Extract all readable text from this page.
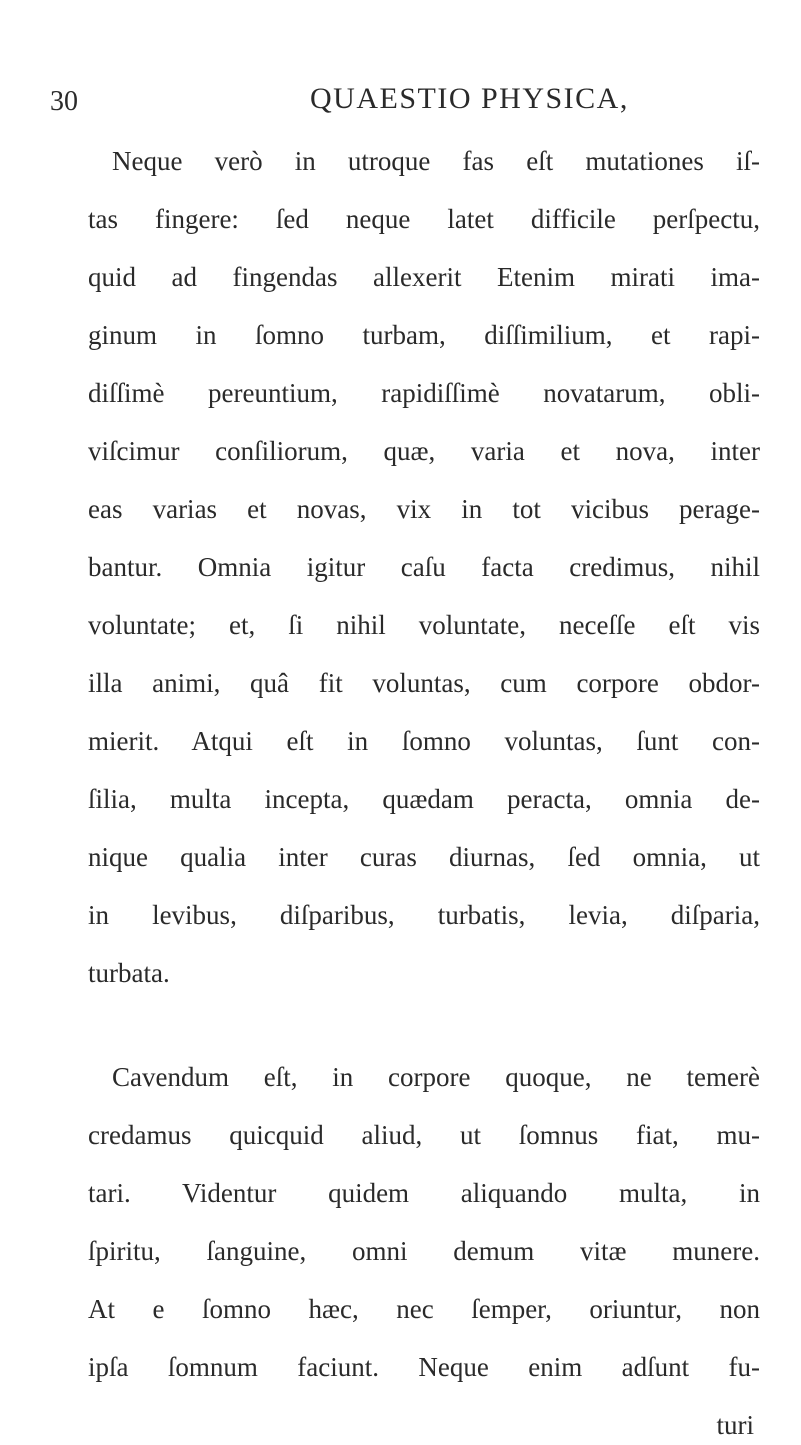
30	QUAESTIO PHYSICA,
Neque verò in utroque fas eſt mutationes iſ-
tas fingere: ſed neque latet difficile perſpectu,
quid ad fingendas allexerit Etenim mirati ima-
ginum in ſomno turbam, diſſimilium, et rapi-
diſſimè pereuntium, rapidiſſimè novatarum, obli-
viſcimur conſiliorum, quæ, varia et nova, inter
eas varias et novas, vix in tot vicibus perage-
bantur. Omnia igitur caſu facta credimus, nihil
voluntate; et, ſi nihil voluntate, neceſſe eſt vis
illa animi, quâ fit voluntas, cum corpore obdor-
mierit. Atqui eſt in ſomno voluntas, ſunt con-
ſilia, multa incepta, quædam peracta, omnia de-
nique qualia inter curas diurnas, ſed omnia, ut
in levibus, diſparibus, turbatis, levia, diſparia,
turbata.
Cavendum eſt, in corpore quoque, ne temerè
credamus quicquid aliud, ut ſomnus fiat, mu-
tari. Videntur quidem aliquando multa, in
ſpiritu, ſanguine, omni demum vitæ munere.
At e ſomno hæc, nec ſemper, oriuntur, non
ipſa ſomnum faciunt. Neque enim adſunt fu-
turi
